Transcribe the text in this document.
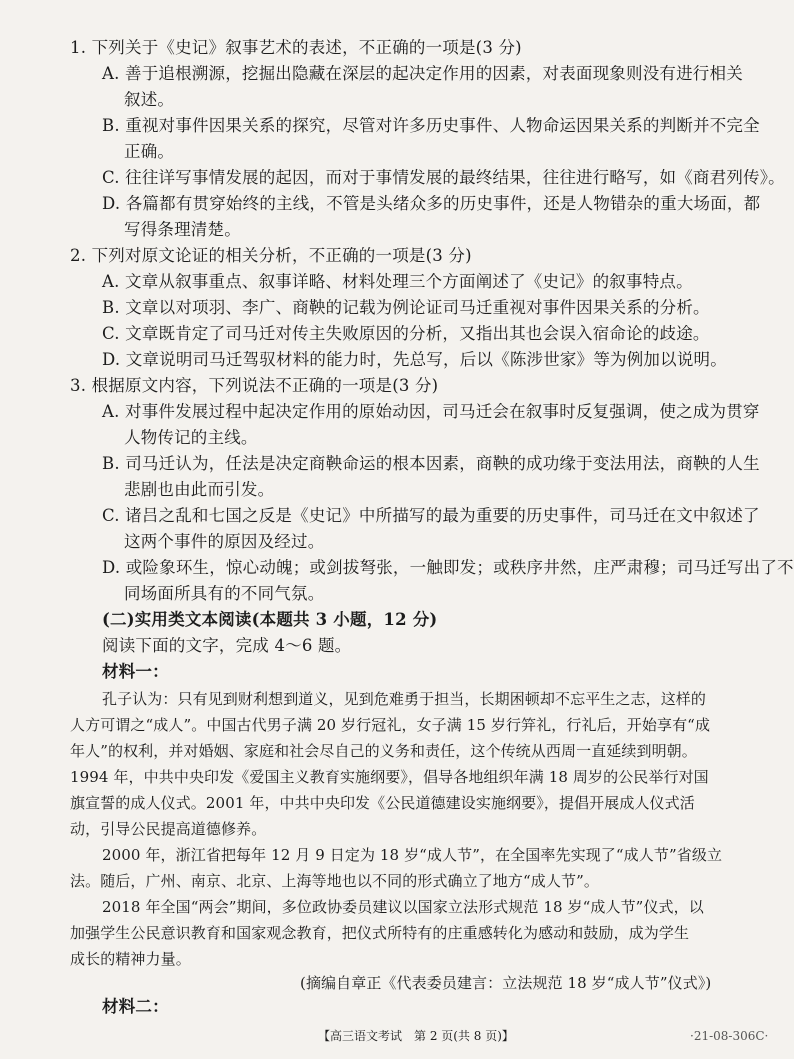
1. 下列关于《史记》叙事艺术的表述，不正确的一项是(3 分)
A. 善于追根溯源，挖掘出隐藏在深层的起决定作用的因素，对表面现象则没有进行相关
叙述。
B. 重视对事件因果关系的探究，尽管对许多历史事件、人物命运因果关系的判断并不完全
正确。
C. 往往详写事情发展的起因，而对于事情发展的最终结果，往往进行略写，如《商君列传》。
D. 各篇都有贯穿始终的主线，不管是头绪众多的历史事件，还是人物错杂的重大场面，都
写得条理清楚。
2. 下列对原文论证的相关分析，不正确的一项是(3 分)
A. 文章从叙事重点、叙事详略、材料处理三个方面阐述了《史记》的叙事特点。
B. 文章以对项羽、李广、商鞅的记载为例论证司马迁重视对事件因果关系的分析。
C. 文章既肯定了司马迁对传主失败原因的分析，又指出其也会误入宿命论的歧途。
D. 文章说明司马迁驾驭材料的能力时，先总写，后以《陈涉世家》等为例加以说明。
3. 根据原文内容，下列说法不正确的一项是(3 分)
A. 对事件发展过程中起决定作用的原始动因，司马迁会在叙事时反复强调，使之成为贯穿
人物传记的主线。
B. 司马迁认为，任法是决定商鞅命运的根本因素，商鞅的成功缘于变法用法，商鞅的人生
悲剧也由此而引发。
C. 诸吕之乱和七国之反是《史记》中所描写的最为重要的历史事件，司马迁在文中叙述了
这两个事件的原因及经过。
D. 或险象环生，惊心动魄；或剑拔弩张，一触即发；或秩序井然，庄严肃穆；司马迁写出了不
同场面所具有的不同气氛。
(二)实用类文本阅读(本题共 3 小题，12 分)
阅读下面的文字，完成 4～6 题。
材料一：
孔子认为：只有见到财利想到道义，见到危难勇于担当，长期困顿却不忘平生之志，这样的
人方可谓之“成人”。中国古代男子满 20 岁行冠礼，女子满 15 岁行笄礼，行礼后，开始享有“成
年人”的权利，并对婚姻、家庭和社会尽自己的义务和责任，这个传统从西周一直延续到明朝。
1994 年，中共中央印发《爱国主义教育实施纲要》，倡导各地组织年满 18 周岁的公民举行对国
旗宣誓的成人仪式。2001 年，中共中央印发《公民道德建设实施纲要》，提倡开展成人仪式活
动，引导公民提高道德修养。
2000 年，浙江省把每年 12 月 9 日定为 18 岁“成人节”，在全国率先实现了“成人节”省级立
法。随后，广州、南京、北京、上海等地也以不同的形式确立了地方“成人节”。
2018 年全国“两会”期间，多位政协委员建议以国家立法形式规范 18 岁“成人节”仪式，以
加强学生公民意识教育和国家观念教育，把仪式所特有的庄重感转化为感动和鼓励，成为学生
成长的精神力量。
(摘编自章正《代表委员建言：立法规范 18 岁“成人节”仪式》)
材料二：
【高三语文考试　第 2 页(共 8 页)】	·21-08-306C·
